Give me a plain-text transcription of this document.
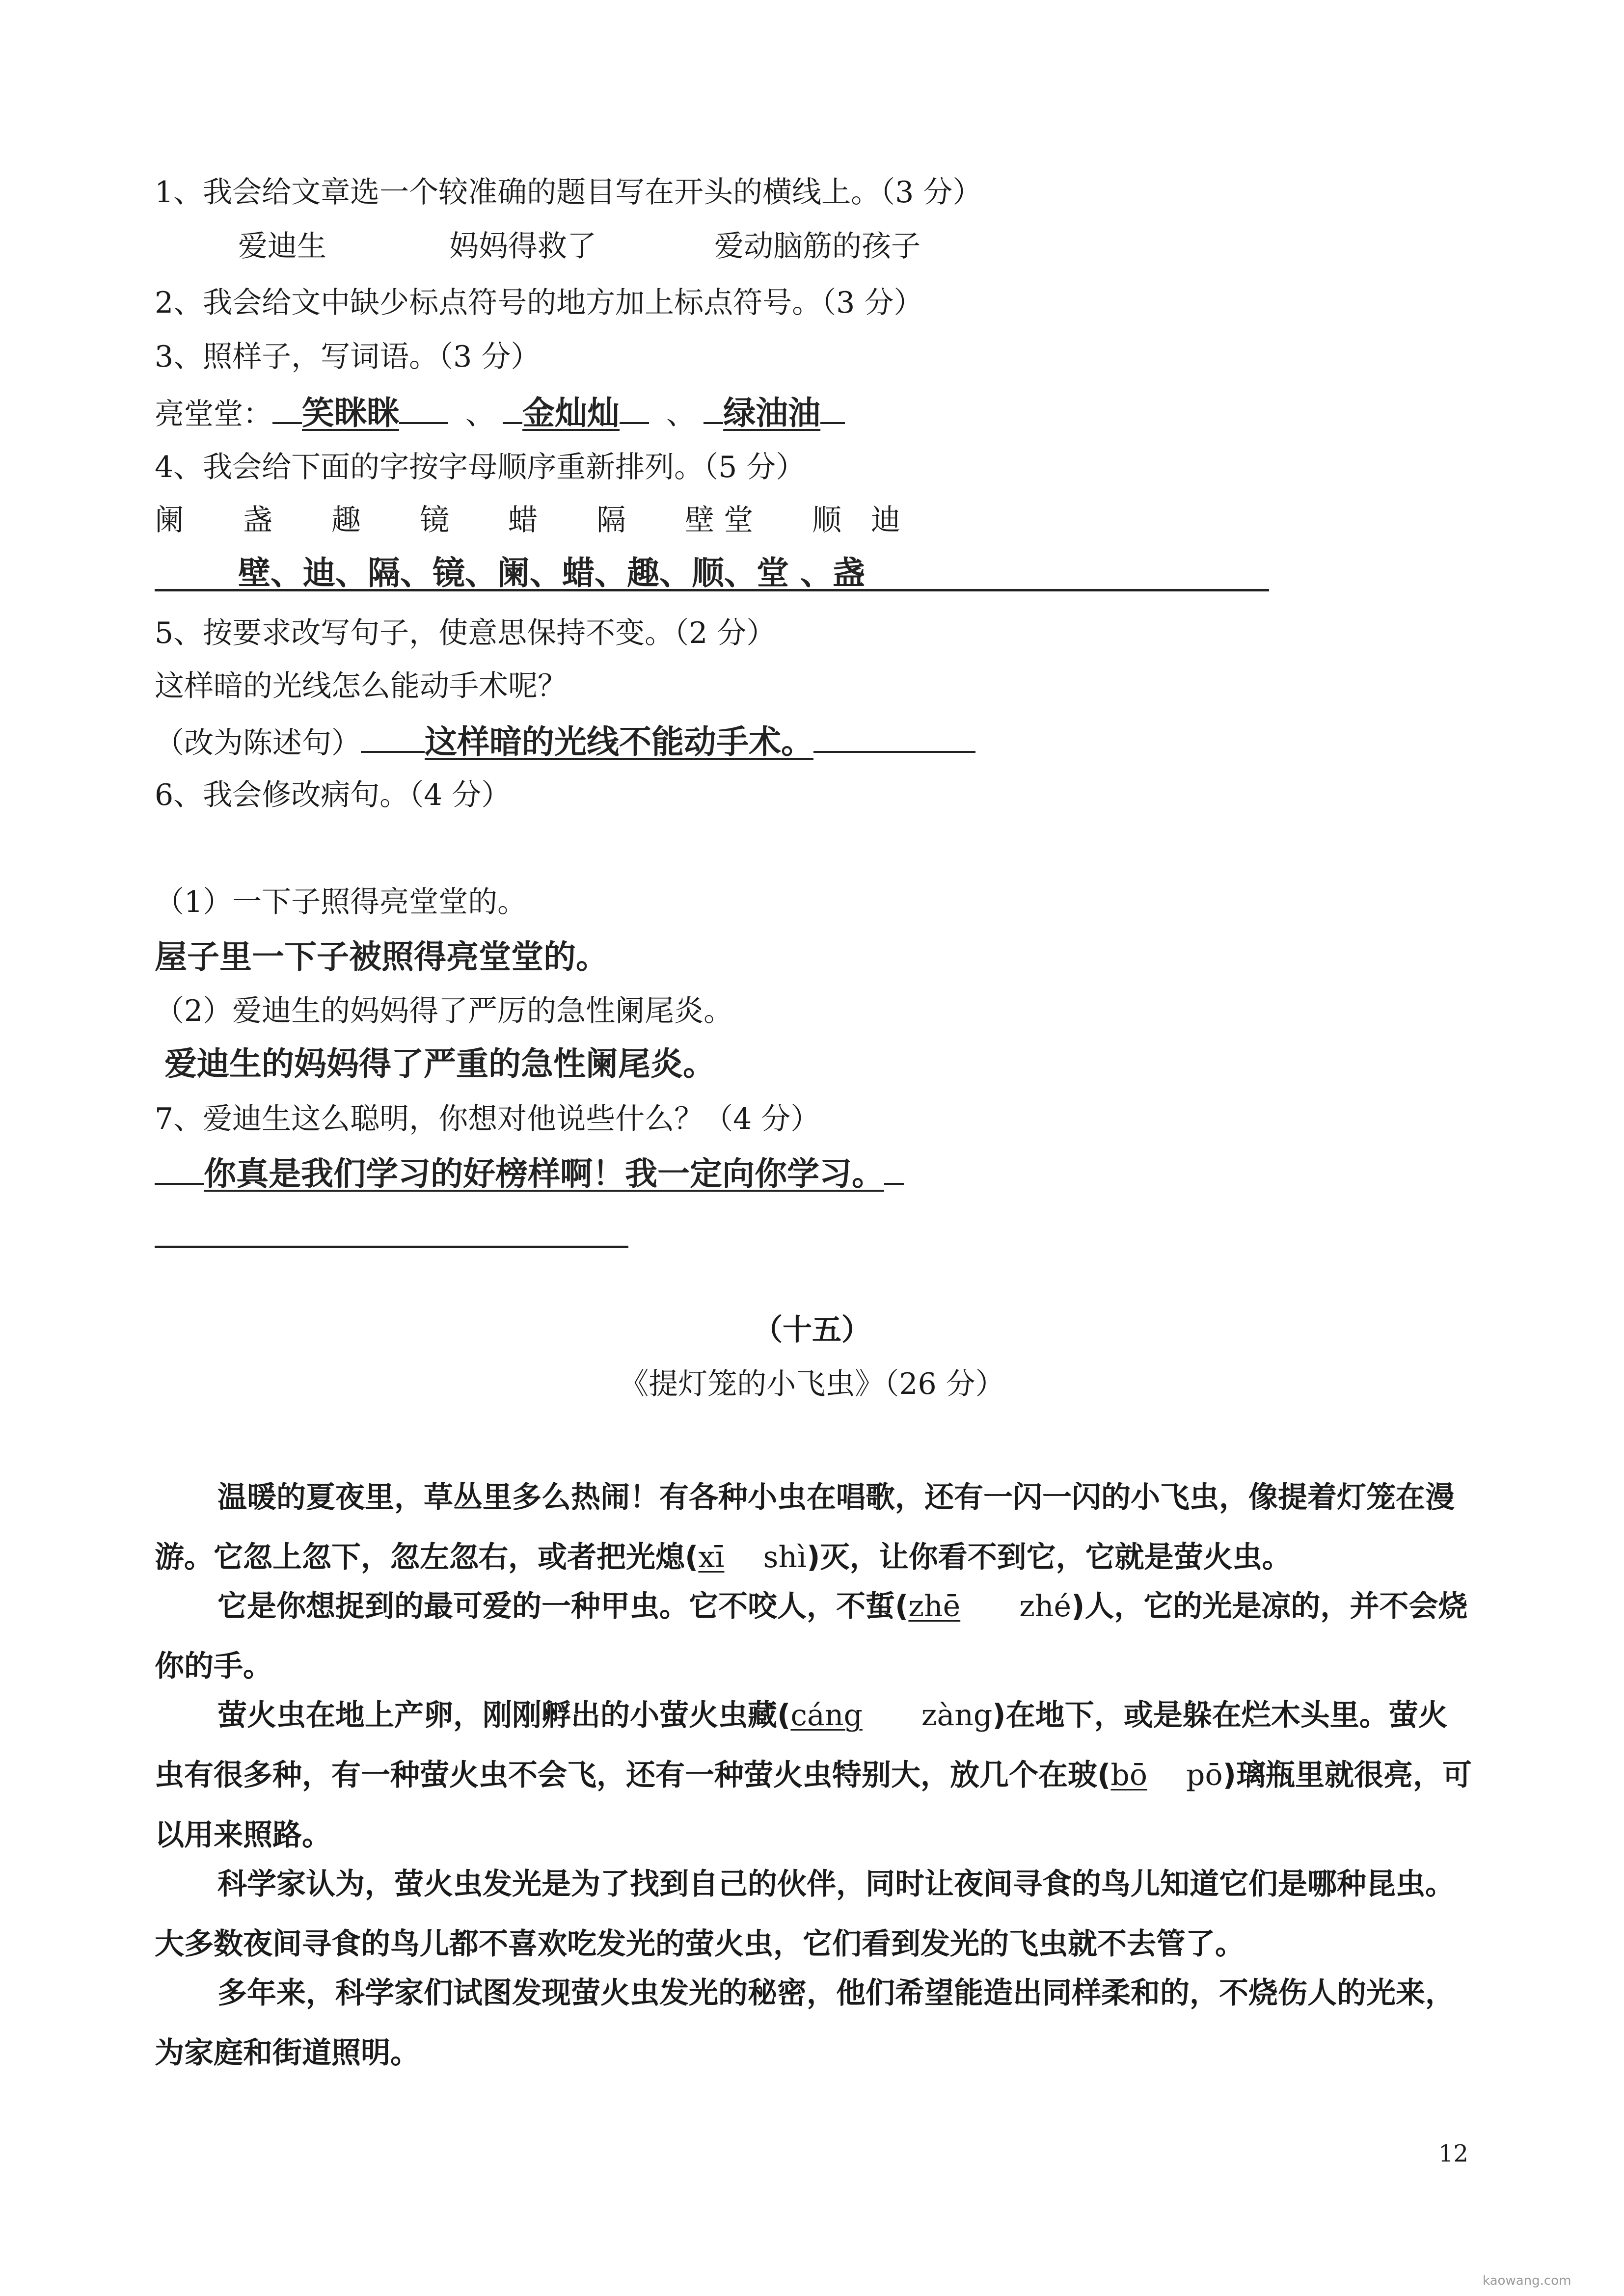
1、我会给文章选一个较准确的题目写在开头的横线上。（3 分）
爱迪生	妈妈得救了	爱动脑筋的孩子
2、我会给文中缺少标点符号的地方加上标点符号。（3 分）
3、照样子，写词语。（3 分）
亮堂堂： 笑眯眯 、 金灿灿 、 绿油油
4、我会给下面的字按字母顺序重新排列。（5 分）
阑　　盏　　趣　　镜　　蜡　　隔　　壁 堂　　顺　迪
壁、迪、隔、镜、阑、蜡、趣、顺、堂 、盏
5、按要求改写句子，使意思保持不变。（2 分）
这样暗的光线怎么能动手术呢？
（改为陈述句） 这样暗的光线不能动手术。
6、我会修改病句。（4 分）
（1）一下子照得亮堂堂的。
屋子里一下子被照得亮堂堂的。
（2）爱迪生的妈妈得了严厉的急性阑尾炎。
爱迪生的妈妈得了严重的急性阑尾炎。
7、爱迪生这么聪明，你想对他说些什么？（4 分）
你真是我们学习的好榜样啊！我一定向你学习。
（十五）
《提灯笼的小飞虫》（26 分）
温暖的夏夜里，草丛里多么热闹！有各种小虫在唱歌，还有一闪一闪的小飞虫，像提着灯笼在漫游。它忽上忽下，忽左忽右，或者把光熄(xī　 shì)灭，让你看不到它，它就是萤火虫。
它是你想捉到的最可爱的一种甲虫。它不咬人，不蜇(zhē　　 zhé)人，它的光是凉的，并不会烧你的手。
萤火虫在地上产卵，刚刚孵出的小萤火虫藏(cáng　　 zàng)在地下，或是躲在烂木头里。萤火虫有很多种，有一种萤火虫不会飞，还有一种萤火虫特别大，放几个在玻(bō　 pō)璃瓶里就很亮，可以用来照路。
科学家认为，萤火虫发光是为了找到自己的伙伴，同时让夜间寻食的鸟儿知道它们是哪种昆虫。大多数夜间寻食的鸟儿都不喜欢吃发光的萤火虫，它们看到发光的飞虫就不去管了。
多年来，科学家们试图发现萤火虫发光的秘密，他们希望能造出同样柔和的，不烧伤人的光来，为家庭和街道照明。
12
kaowang.com
